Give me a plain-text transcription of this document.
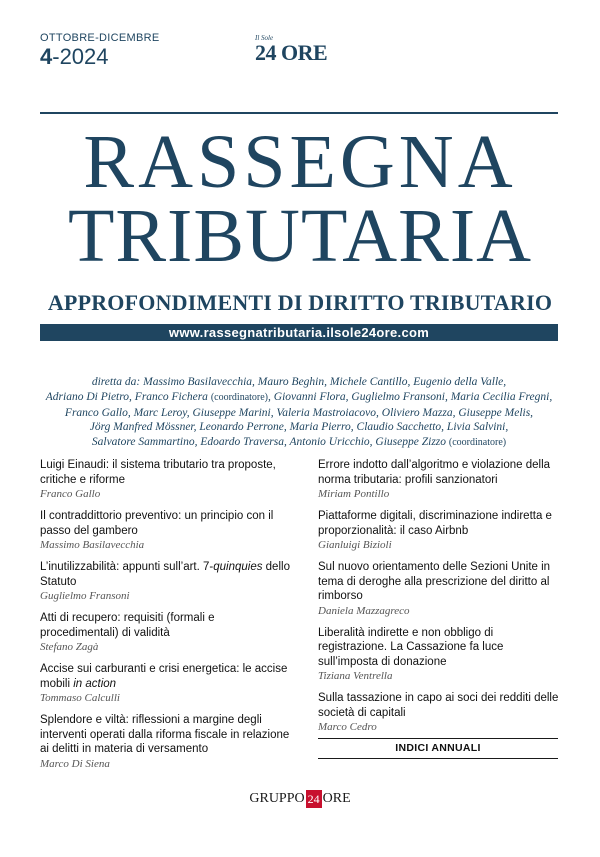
OTTOBRE-DICEMBRE
4-2024
Il Sole
24 ORE
RASSEGNA
TRIBUTARIA
APPROFONDIMENTI DI DIRITTO TRIBUTARIO
www.rassegnatributaria.ilsole24ore.com
diretta da: Massimo Basilavecchia, Mauro Beghin, Michele Cantillo, Eugenio della Valle,
Adriano Di Pietro, Franco Fichera (coordinatore), Giovanni Flora, Guglielmo Fransoni, Maria Cecilia Fregni,
Franco Gallo, Marc Leroy, Giuseppe Marini, Valeria Mastroiacovo, Oliviero Mazza, Giuseppe Melis,
Jörg Manfred Mössner, Leonardo Perrone, Maria Pierro, Claudio Sacchetto, Livia Salvini,
Salvatore Sammartino, Edoardo Traversa, Antonio Uricchio, Giuseppe Zizzo (coordinatore)
Luigi Einaudi: il sistema tributario tra proposte, critiche e riforme
Franco Gallo
Il contraddittorio preventivo: un principio con il passo del gambero
Massimo Basilavecchia
L’inutilizzabilità: appunti sull’art. 7-quinquies dello Statuto
Guglielmo Fransoni
Atti di recupero: requisiti (formali e procedimentali) di validità
Stefano Zagà
Accise sui carburanti e crisi energetica: le accise mobili in action
Tommaso Calculli
Splendore e viltà: riflessioni a margine degli interventi operati dalla riforma fiscale in relazione ai delitti in materia di versamento
Marco Di Siena
Errore indotto dall’algoritmo e violazione della norma tributaria: profili sanzionatori
Miriam Pontillo
Piattaforme digitali, discriminazione indiretta e proporzionalità: il caso Airbnb
Gianluigi Bizioli
Sul nuovo orientamento delle Sezioni Unite in tema di deroghe alla prescrizione del diritto al rimborso
Daniela Mazzagreco
Liberalità indirette e non obbligo di registrazione. La Cassazione fa luce sull’imposta di donazione
Tiziana Ventrella
Sulla tassazione in capo ai soci dei redditi delle società di capitali
Marco Cedro
INDICI ANNUALI
GRUPPO 24 ORE
